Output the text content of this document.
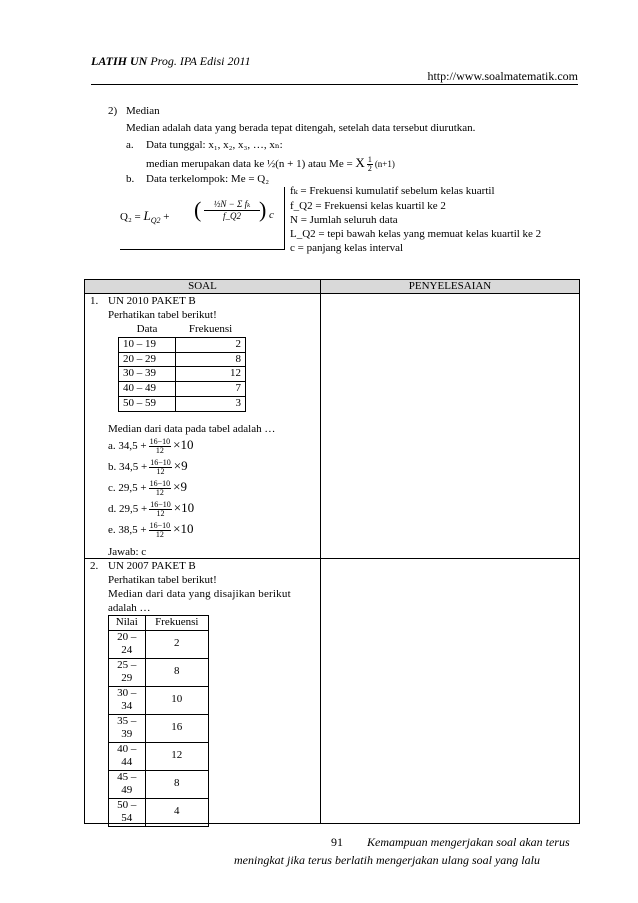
LATIH UN Prog. IPA Edisi 2011
http://www.soalmatematik.com
2) Median
Median adalah data yang berada tepat ditengah, setelah data tersebut diurutkan.
a. Data tunggal: x₁, x₂, x₃, …, xₙ:
median merupakan data ke ½(n + 1) atau Me = X $\frac{1}{2} (n+1)$
b. Data terkelompok: Me = Q₂
$Q_2 = L_{Q2}$ + ( $\frac{\text{½N − Σ fₖ}}{f\_Q2}$ ) c
fₖ = Frekuensi kumulatif sebelum kelas kuartil
f_Q2 = Frekuensi kelas kuartil ke 2
N = Jumlah seluruh data
L_Q2 = tepi bawah kelas yang memuat kelas kuartil ke 2
c = panjang kelas interval
SOAL	PENYELESAIAN
1. UN 2010 PAKET B
Perhatikan tabel berikut!
Data	Frekuensi
10 – 19	2
20 – 29	8
30 – 39	12
40 – 49	7
50 – 59	3
Median dari data pada tabel adalah …
a. $34,5 + \frac{16-10}{12} \times 10$
b. $34,5 + \frac{16-10}{12} \times 9$
c. $29,5 + \frac{16-10}{12} \times 9$
d. $29,5 + \frac{16-10}{12} \times 10$
e. $38,5 + \frac{16-10}{12} \times 10$
Jawab: c
2. UN 2007 PAKET B
Perhatikan tabel berikut!
Median dari data yang disajikan berikut
adalah …
Nilai	Frekuensi

20 –
24	2

25 –
29	8

30 –
34	10

35 –
39	16

40 –
44	12

45 –
49	8

50 –
54	4
91 Kemampuan mengerjakan soal akan terus
meningkat jika terus berlatih mengerjakan ulang soal yang lalu
